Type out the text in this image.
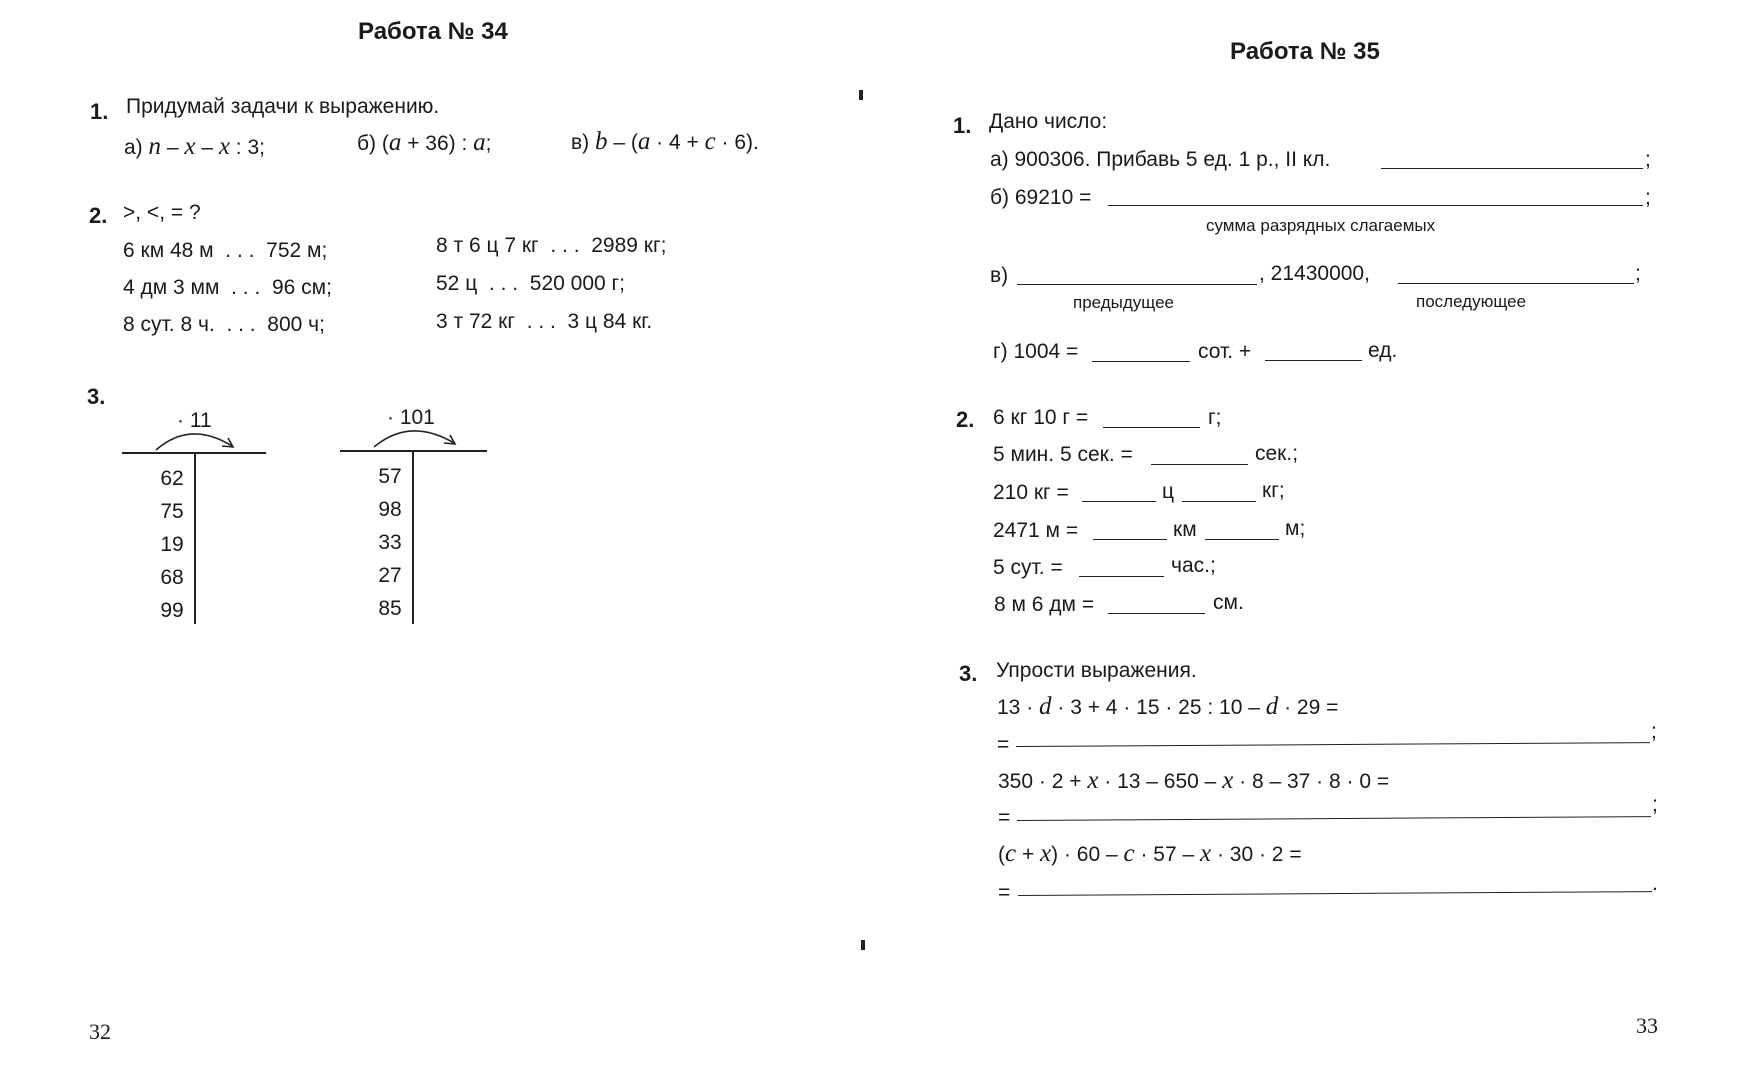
Работа № 34
1. Придумай задачи к выражению.
а) n – x – x : 3;	б) (a + 36) : a;	в) b – (a · 4 + c · 6).
2. >, <, = ?
6 км 48 м . . . 752 м;
4 дм 3 мм . . . 96 см;
8 сут. 8 ч. . . . 800 ч;
8 т 6 ц 7 кг . . . 2989 кг;
52 ц . . . 520 000 г;
3 т 72 кг . . . 3 ц 84 кг.
3.
· 11
62
75
19
68
99
· 101
57
98
33
27
85
32
Работа № 35
1. Дано число:
а) 900306. Прибавь 5 ед. 1 р., II кл.	;
б) 69210 =	;
сумма разрядных слагаемых
в)	, 21430000,	;
предыдущее	последующее
г) 1004 =	сот. +	ед.
2. 6 кг 10 г =	г;
5 мин. 5 сек. =	сек.;
210 кг =	ц	кг;
2471 м =	км	м;
5 сут. =	час.;
8 м 6 дм =	см.
3. Упрости выражения.
13 · d · 3 + 4 · 15 · 25 : 10 – d · 29 =
=
;
350 · 2 + x · 13 – 650 – x · 8 – 37 · 8 · 0 =
=
;
(c + x) · 60 – c · 57 – x · 30 · 2 =
=	.
33
